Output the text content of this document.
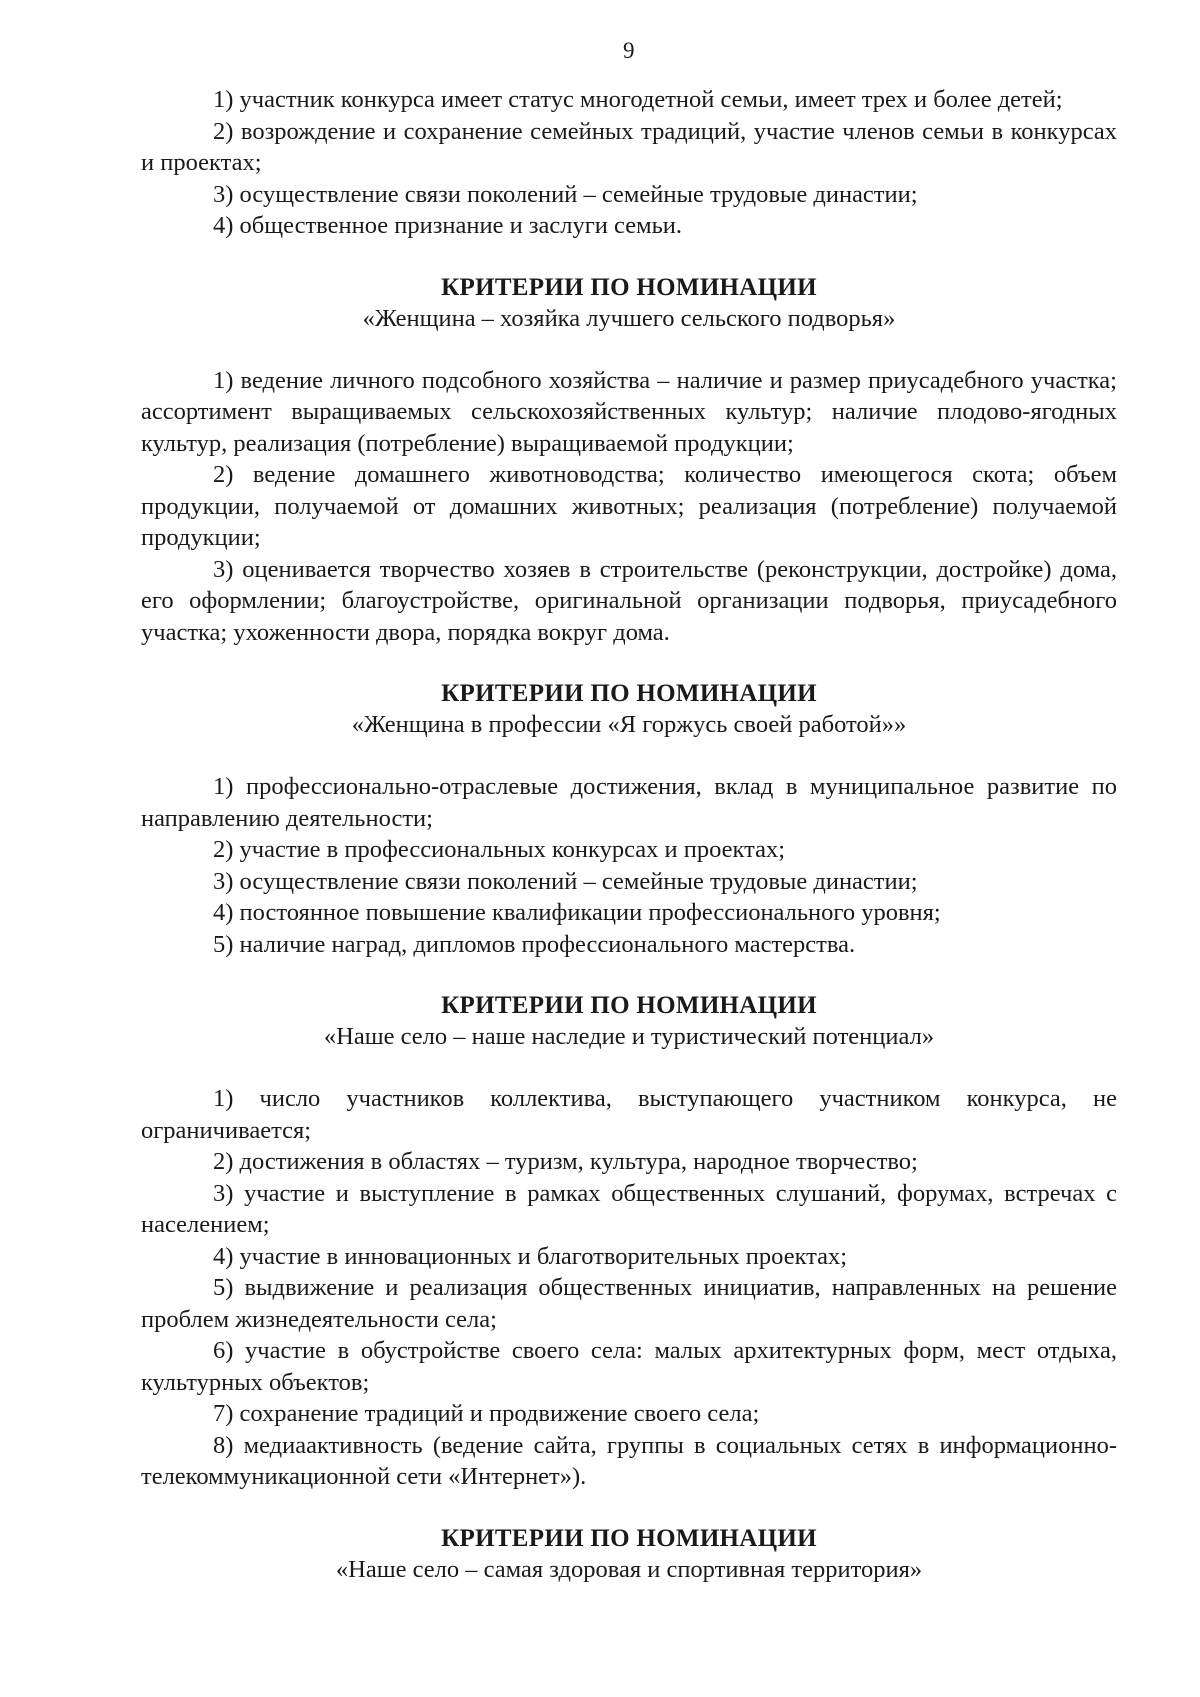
9

1) участник конкурса имеет статус многодетной семьи, имеет трех и более детей;

2) возрождение и сохранение семейных традиций, участие членов семьи в конкурсах и проектах;

3) осуществление связи поколений – семейные трудовые династии;

4) общественное признание и заслуги семьи.

КРИТЕРИИ ПО НОМИНАЦИИ
«Женщина – хозяйка лучшего сельского подворья»

1) ведение личного подсобного хозяйства – наличие и размер приусадебного участка; ассортимент выращиваемых сельскохозяйственных культур; наличие плодово-ягодных культур, реализация (потребление) выращиваемой продукции;

2) ведение домашнего животноводства; количество имеющегося скота; объем продукции, получаемой от домашних животных; реализация (потребление) получаемой продукции;

3) оценивается творчество хозяев в строительстве (реконструкции, достройке) дома, его оформлении; благоустройстве, оригинальной организации подворья, приусадебного участка; ухоженности двора, порядка вокруг дома.

КРИТЕРИИ ПО НОМИНАЦИИ
«Женщина в профессии «Я горжусь своей работой»»

1) профессионально-отраслевые достижения, вклад в муниципальное развитие по направлению деятельности;

2) участие в профессиональных конкурсах и проектах;

3) осуществление связи поколений – семейные трудовые династии;

4) постоянное повышение квалификации профессионального уровня;

5) наличие наград, дипломов профессионального мастерства.

КРИТЕРИИ ПО НОМИНАЦИИ
«Наше село – наше наследие и туристический потенциал»

1) число участников коллектива, выступающего участником конкурса, не ограничивается;

2) достижения в областях – туризм, культура, народное творчество;

3) участие и выступление в рамках общественных слушаний, форумах, встречах с населением;

4) участие в инновационных и благотворительных проектах;

5) выдвижение и реализация общественных инициатив, направленных на решение проблем жизнедеятельности села;

6) участие в обустройстве своего села: малых архитектурных форм, мест отдыха, культурных объектов;

7) сохранение традиций и продвижение своего села;

8) медиаактивность (ведение сайта, группы в социальных сетях в информационно-телекоммуникационной сети «Интернет»).

КРИТЕРИИ ПО НОМИНАЦИИ
«Наше село – самая здоровая и спортивная территория»
